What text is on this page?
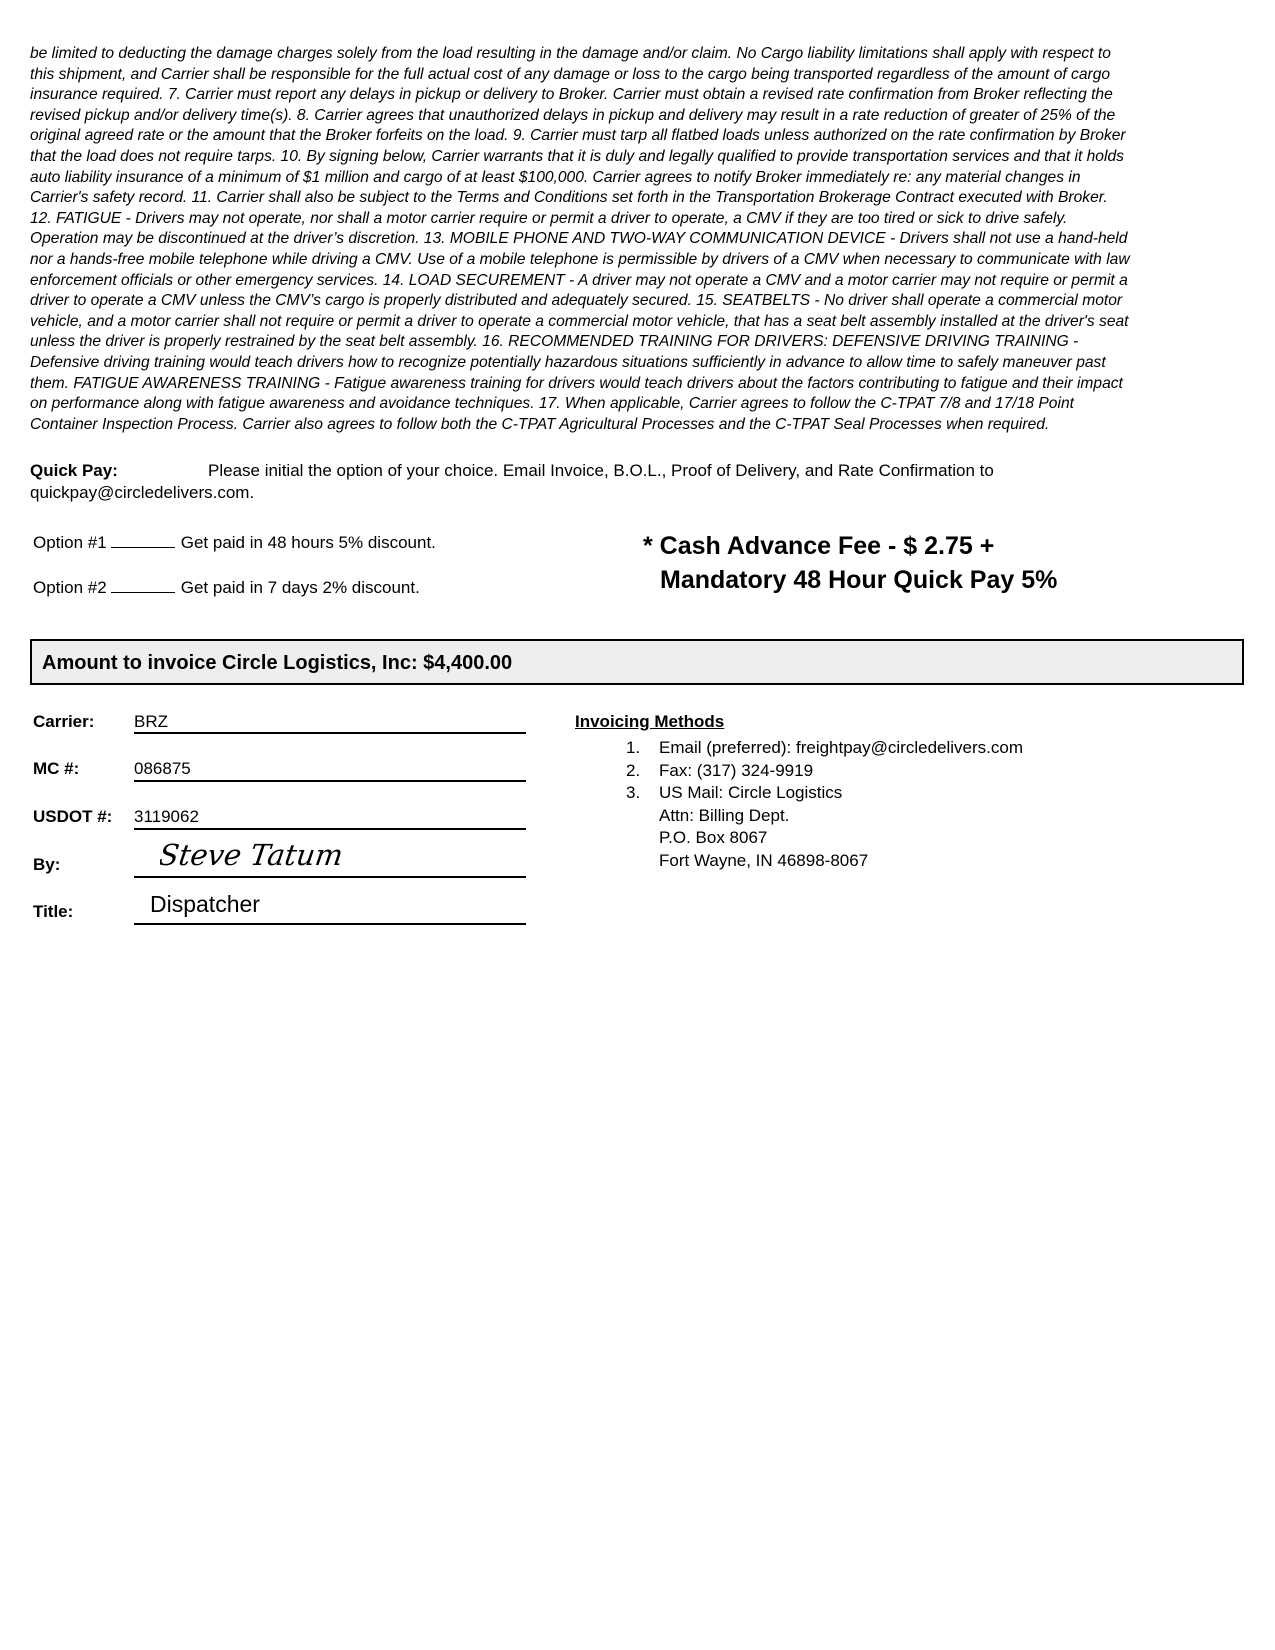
be limited to deducting the damage charges solely from the load resulting in the damage and/or claim. No Cargo liability limitations shall apply with respect to
this shipment, and Carrier shall be responsible for the full actual cost of any damage or loss to the cargo being transported regardless of the amount of cargo
insurance required. 7. Carrier must report any delays in pickup or delivery to Broker. Carrier must obtain a revised rate confirmation from Broker reflecting the
revised pickup and/or delivery time(s). 8. Carrier agrees that unauthorized delays in pickup and delivery may result in a rate reduction of greater of 25% of the
original agreed rate or the amount that the Broker forfeits on the load. 9. Carrier must tarp all flatbed loads unless authorized on the rate confirmation by Broker
that the load does not require tarps. 10. By signing below, Carrier warrants that it is duly and legally qualified to provide transportation services and that it holds
auto liability insurance of a minimum of $1 million and cargo of at least $100,000. Carrier agrees to notify Broker immediately re: any material changes in
Carrier's safety record. 11. Carrier shall also be subject to the Terms and Conditions set forth in the Transportation Brokerage Contract executed with Broker.
12. FATIGUE - Drivers may not operate, nor shall a motor carrier require or permit a driver to operate, a CMV if they are too tired or sick to drive safely.
Operation may be discontinued at the driver’s discretion. 13. MOBILE PHONE AND TWO-WAY COMMUNICATION DEVICE - Drivers shall not use a hand-held
nor a hands-free mobile telephone while driving a CMV. Use of a mobile telephone is permissible by drivers of a CMV when necessary to communicate with law
enforcement officials or other emergency services. 14. LOAD SECUREMENT - A driver may not operate a CMV and a motor carrier may not require or permit a
driver to operate a CMV unless the CMV’s cargo is properly distributed and adequately secured. 15. SEATBELTS - No driver shall operate a commercial motor
vehicle, and a motor carrier shall not require or permit a driver to operate a commercial motor vehicle, that has a seat belt assembly installed at the driver's seat
unless the driver is properly restrained by the seat belt assembly. 16. RECOMMENDED TRAINING FOR DRIVERS: DEFENSIVE DRIVING TRAINING -
Defensive driving training would teach drivers how to recognize potentially hazardous situations sufficiently in advance to allow time to safely maneuver past
them. FATIGUE AWARENESS TRAINING - Fatigue awareness training for drivers would teach drivers about the factors contributing to fatigue and their impact
on performance along with fatigue awareness and avoidance techniques. 17. When applicable, Carrier agrees to follow the C-TPAT 7/8 and 17/18 Point
Container Inspection Process. Carrier also agrees to follow both the C-TPAT Agricultural Processes and the C-TPAT Seal Processes when required.
Quick Pay:	Please initial the option of your choice. Email Invoice, B.O.L., Proof of Delivery, and Rate Confirmation to
quickpay@circledelivers.com.
Option #1	Get paid in 48 hours 5% discount.
Option #2	Get paid in 7 days 2% discount.
* Cash Advance Fee - $ 2.75 +
Mandatory 48 Hour Quick Pay 5%
Amount to invoice Circle Logistics, Inc: $4,400.00
Carrier: BRZ
MC #:	086875
USDOT #: 3119062
By:	Steve Tatum
Title:	Dispatcher
Invoicing Methods
1. Email (preferred): freightpay@circledelivers.com
2. Fax: (317) 324-9919
3. US Mail: Circle Logistics
Attn: Billing Dept.
P.O. Box 8067
Fort Wayne, IN 46898-8067
